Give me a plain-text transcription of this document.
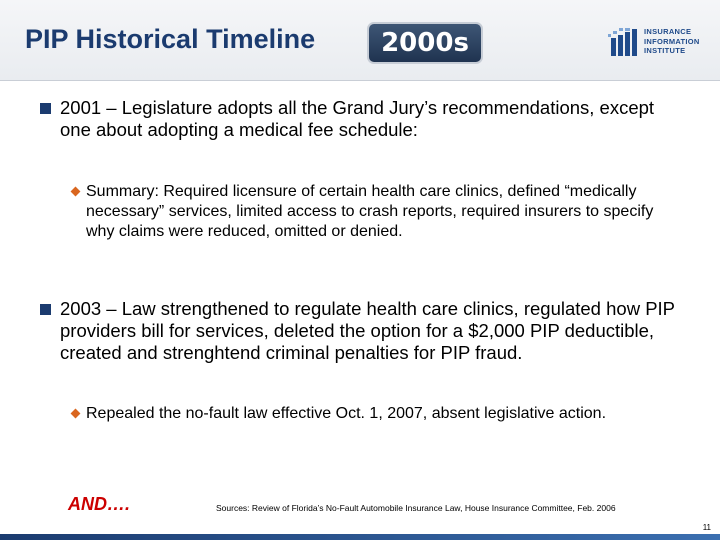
PIP Historical Timeline	2000s	INSURANCE
INFORMATION
INSTITUTE
2001 – Legislature adopts all the Grand Jury’s recommendations, except one about adopting a medical fee schedule:
Summary: Required licensure of certain health care clinics, defined “medically necessary” services, limited access to crash reports, required insurers to specify why claims were reduced, omitted or denied.
2003 – Law strengthened to regulate health care clinics, regulated how PIP providers bill for services, deleted the option for a $2,000 PIP deductible, created and strenghtend criminal penalties for PIP fraud.
Repealed the no-fault law effective Oct. 1, 2007, absent legislative action.
AND….	Sources: Review of Florida’s No-Fault Automobile Insurance Law, House Insurance Committee, Feb. 2006
11
